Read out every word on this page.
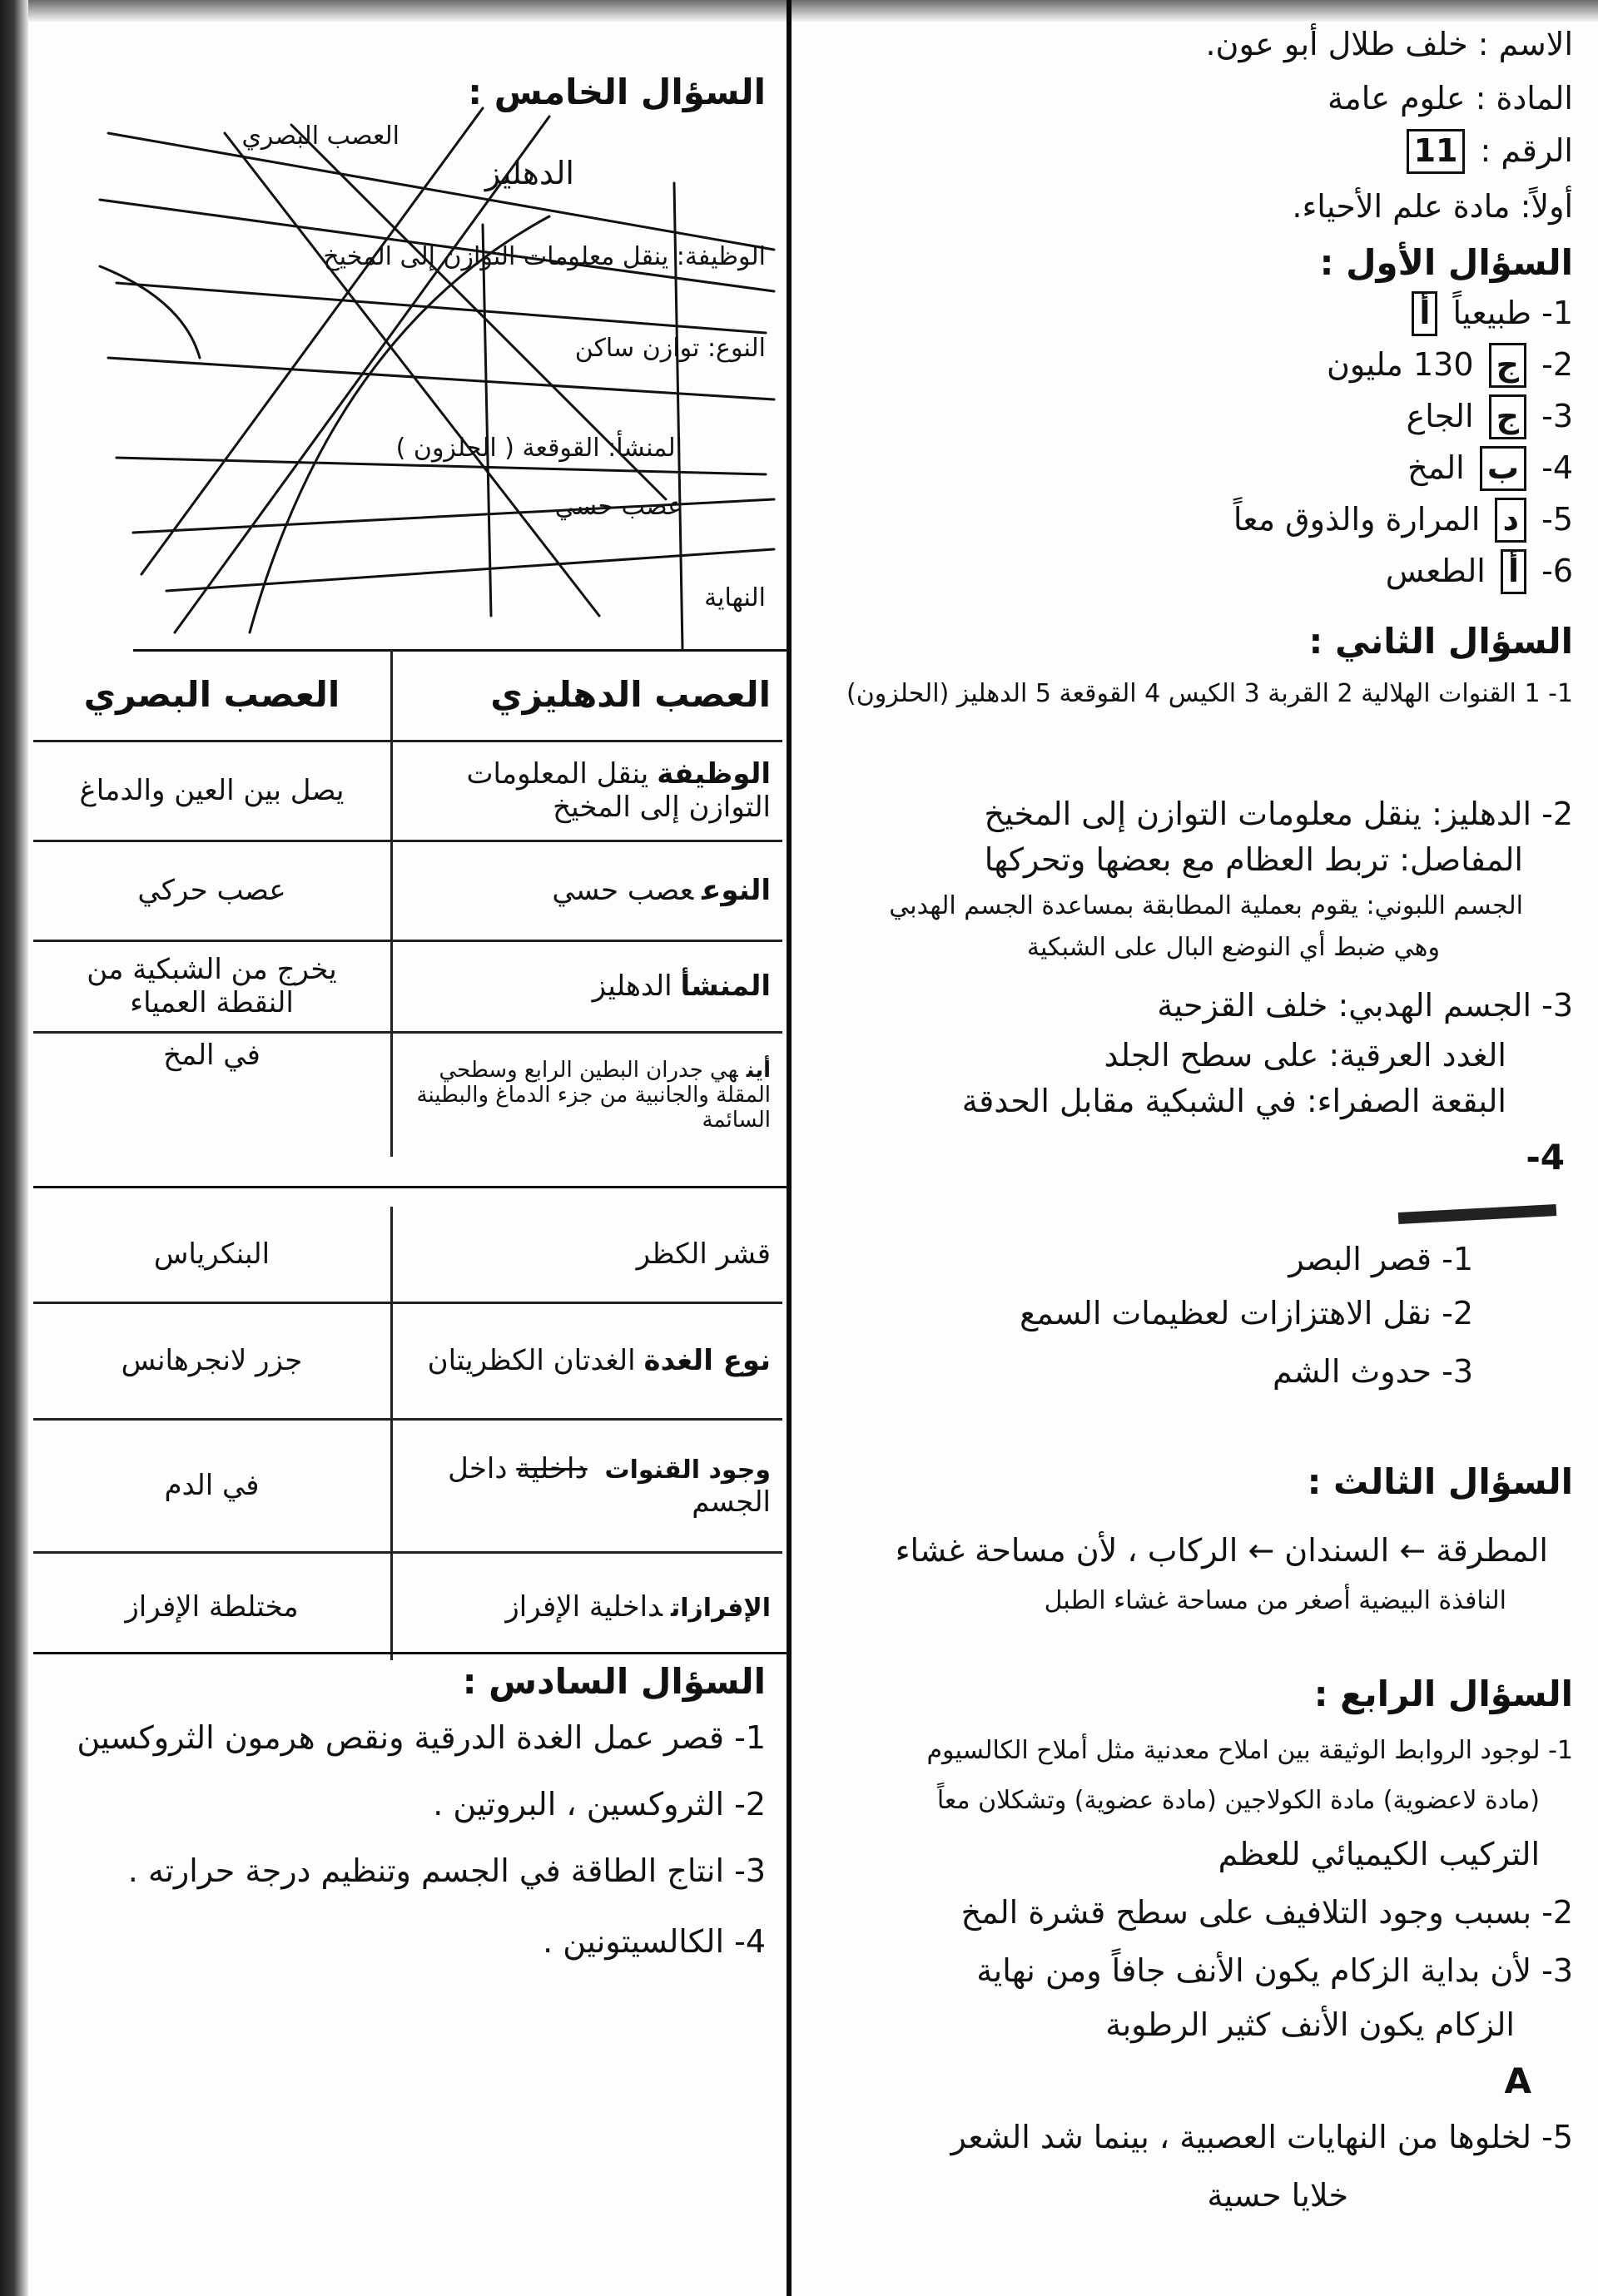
الاسم : خلف طلال أبو عون.
المادة : علوم عامة
الرقم : 11
أولاً: مادة علم الأحياء.
السؤال الأول :
1- طبيعياً أ
2- ج 130 مليون
3- ج الجاع
4- ب المخ
5- د المرارة والذوق معاً
6- أ الطعس
السؤال الثاني :
1- 1 القنوات الهلالية 2 القربة 3 الكيس 4 القوقعة 5 الدهليز (الحلزون)
2- الدهليز: ينقل معلومات التوازن إلى المخيخ
المفاصل: تربط العظام مع بعضها وتحركها
الجسم اللبوني: يقوم بعملية المطابقة بمساعدة الجسم الهدبي
وهي ضبط أي النوضع البال على الشبكية
3- الجسم الهدبي: خلف القزحية
الغدد العرقية: على سطح الجلد
البقعة الصفراء: في الشبكية مقابل الحدقة
4-
1- قصر البصر
2- نقل الاهتزازات لعظيمات السمع
3- حدوث الشم
السؤال الثالث :
المطرقة ← السندان ← الركاب ، لأن مساحة غشاء
النافذة البيضية أصغر من مساحة غشاء الطبل
السؤال الرابع :
1- لوجود الروابط الوثيقة بين املاح معدنية مثل أملاح الكالسيوم
(مادة لاعضوية) مادة الكولاجين (مادة عضوية) وتشكلان معاً
التركيب الكيميائي للعظم
2- بسبب وجود التلافيف على سطح قشرة المخ
3- لأن بداية الزكام يكون الأنف جافاً ومن نهاية
الزكام يكون الأنف كثير الرطوبة
A
5- لخلوها من النهايات العصبية ، بينما شد الشعر
خلايا حسية
السؤال الخامس :
العصب البصري
الدهليز
الوظيفة: ينقل معلومات التوازن إلى المخيخ
النوع: توازن ساكن
المنشأ: القوقعة ( الحلزون )
عصب حسي
النهاية
العصب الدهليزي	العصب البصري
الوظيفةينقل المعلومات التوازن إلى المخيخ	يصل بين العين والدماغ
النوععصب حسي	عصب حركي
المنشأالدهليز	يخرج من الشبكية من النقطة العمياء
أينهي جدران البطين الرابع وسطحي المقلة والجانبية من جزء الدماغ والبطينة السائمة	في المخ
قشر الكظر	البنكرياس
نوع الغدةالغدتان الكظريتان	جزر لانجرهانس
وجود القنوات داخلية داخل الجسم	في الدم
الإفرازاتداخلية الإفراز	مختلطة الإفراز
السؤال السادس :
1- قصر عمل الغدة الدرقية ونقص هرمون الثروكسين
2- الثروكسين ، البروتين .
3- انتاج الطاقة في الجسم وتنظيم درجة حرارته .
4- الكالسيتونين .
